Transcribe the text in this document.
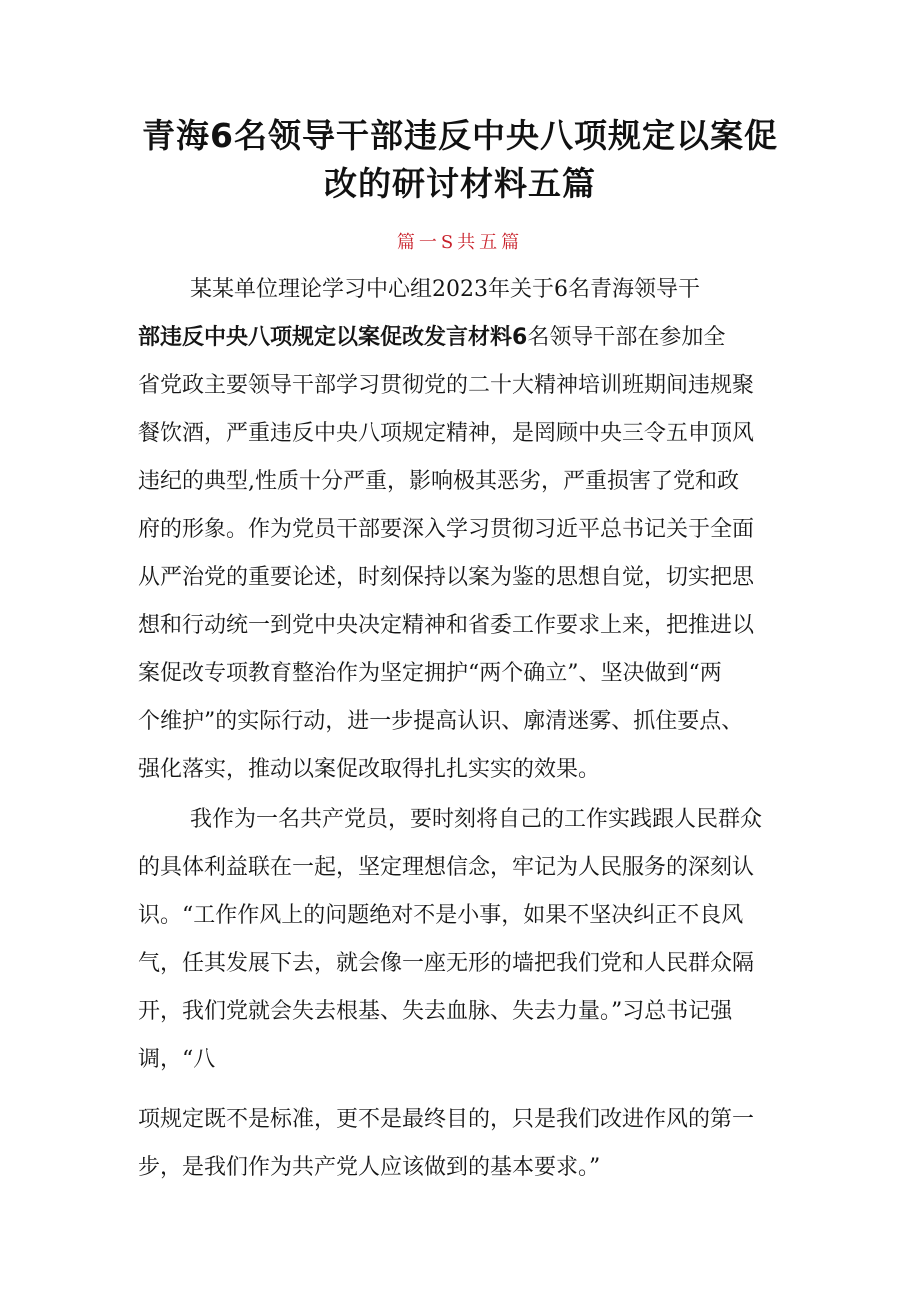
青海6名领导干部违反中央八项规定以案促
改的研讨材料五篇

篇一S共五篇

某某单位理论学习中心组2023年关于6名青海领导干

部违反中央八项规定以案促改发言材料6名领导干部在参加全

省党政主要领导干部学习贯彻党的二十大精神培训班期间违规聚

餐饮酒，严重违反中央八项规定精神，是罔顾中央三令五申顶风

违纪的典型,性质十分严重，影响极其恶劣，严重损害了党和政

府的形象。作为党员干部要深入学习贯彻习近平总书记关于全面

从严治党的重要论述，时刻保持以案为鉴的思想自觉，切实把思

想和行动统一到党中央决定精神和省委工作要求上来，把推进以

案促改专项教育整治作为坚定拥护“两个确立”、坚决做到“两

个维护”的实际行动，进一步提高认识、廓清迷雾、抓住要点、

强化落实，推动以案促改取得扎扎实实的效果。

我作为一名共产党员，要时刻将自己的工作实践跟人民群众

的具体利益联在一起，坚定理想信念，牢记为人民服务的深刻认

识。“工作作风上的问题绝对不是小事，如果不坚决纠正不良风

气，任其发展下去，就会像一座无形的墙把我们党和人民群众隔

开，我们党就会失去根基、失去血脉、失去力量。”习总书记强

调，“八

项规定既不是标准，更不是最终目的，只是我们改进作风的第一

步，是我们作为共产党人应该做到的基本要求。”
